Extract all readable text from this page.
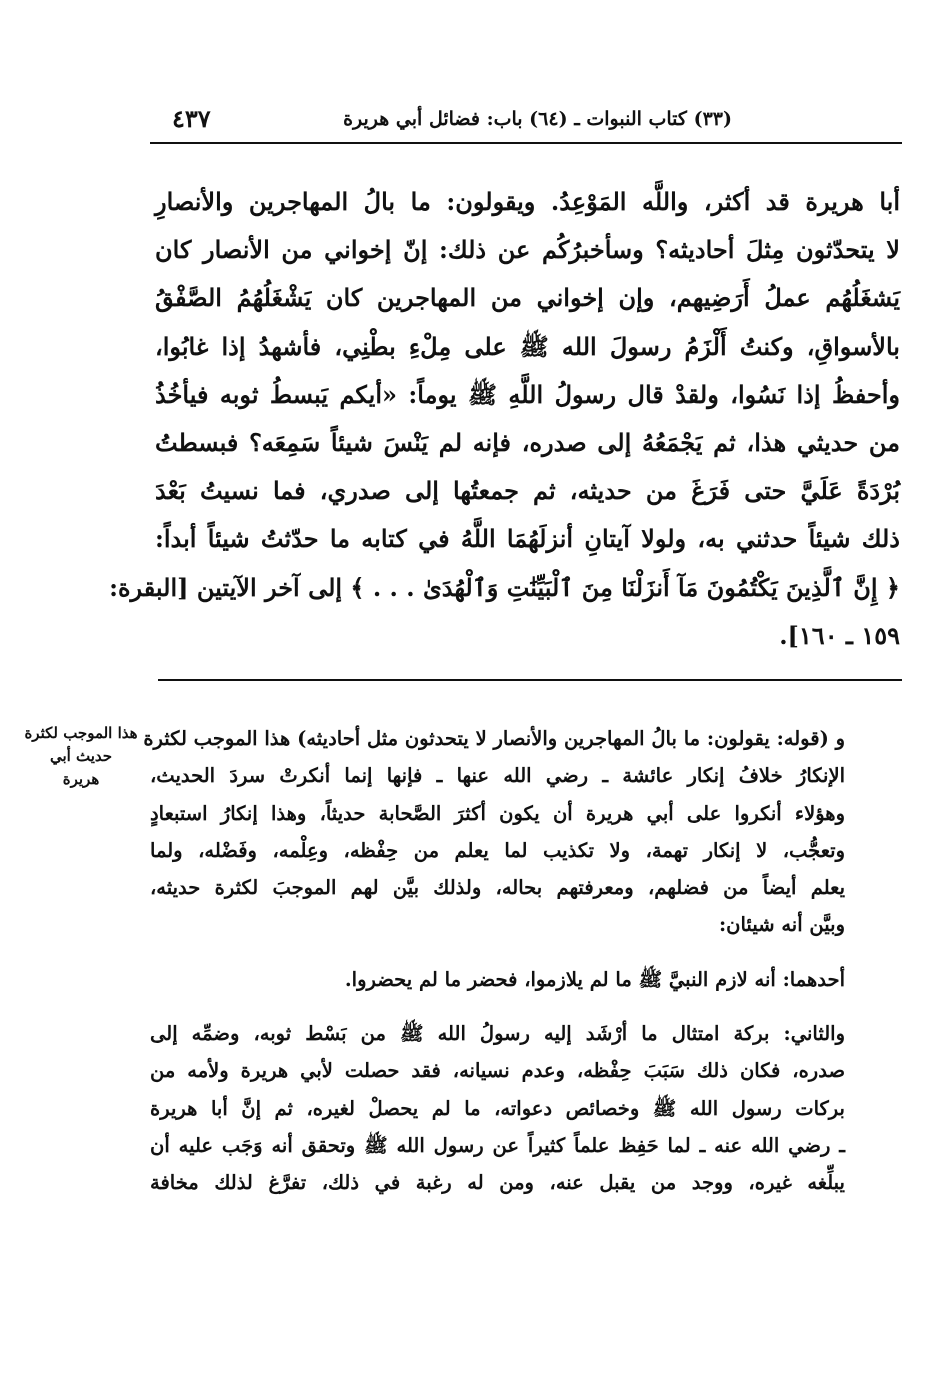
(٣٣) كتاب النبوات ـ (٦٤) باب: فضائل أبي هريرة
٤٣٧
أبا هريرة قد أكثر، واللَّه المَوْعِدُ. ويقولون: ما بالُ المهاجرين والأنصارِ
لا يتحدّثون مِثلَ أحاديثه؟ وسأخبرُكُم عن ذلك: إنّ إخواني من الأنصار كان
يَشغَلُهُم عملُ أَرَضِيهم، وإن إخواني من المهاجرين كان يَشْغَلُهُمُ الصَّفْقُ
بالأسواقِ، وكنتُ أَلْزَمُ رسولَ الله ﷺ على مِلْءِ بطْنِي، فأشهدُ إذا غابُوا،
وأحفظُ إذا نَسُوا، ولقدْ قال رسولُ اللَّهِ ﷺ يوماً: «أيكم يَبسطُ ثوبه فيأخُذُ
من حديثي هذا، ثم يَجْمَعُهُ إلى صدره، فإنه لم يَنْسَ شيئاً سَمِعَه؟ فبسطتُ
بُرْدَةً عَلَيَّ حتى فَرَغَ من حديثه، ثم جمعتُها إلى صدري، فما نسيتُ بَعْدَ
ذلك شيئاً حدثني به، ولولا آيتانِ أنزلَهُمَا اللَّهُ في كتابه ما حدّثتُ شيئاً أبداً:
﴿ إِنَّ ٱلَّذِينَ يَكْتُمُونَ مَآ أَنزَلْنَا مِنَ ٱلْبَيِّنَٰتِ وَٱلْهُدَىٰ . . . ﴾ إلى آخر الآيتين [البقرة:
١٥٩ ـ ١٦٠].
هذا الموجب لكثرة
حديث أبي
هريرة
و (قوله: يقولون: ما بالُ المهاجرين والأنصار لا يتحدثون مثل أحاديثه) هذا الموجب لكثرة
الإنكارُ خلافُ إنكار عائشة ـ رضي الله عنها ـ فإنها إنما أنكرتْ سردَ الحديث،
وهؤلاء أنكروا على أبي هريرة أن يكون أكثرَ الصَّحابة حديثاً، وهذا إنكارُ استبعادٍ
وتعجُّب، لا إنكار تهمة، ولا تكذيب لما يعلم من حِفْظه، وعِلْمه، وفَضْله، ولما
يعلم أيضاً من فضلهم، ومعرفتهم بحاله، ولذلك بيَّن لهم الموجبَ لكثرة حديثه،
وبيَّن أنه شيئان:
أحدهما: أنه لازم النبيَّ ﷺ ما لم يلازموا، فحضر ما لم يحضروا.
والثاني: بركة امتثال ما أرْشَد إليه رسولُ الله ﷺ من بَسْط ثوبه، وضمِّه إلى
صدره، فكان ذلك سَبَبَ حِفْظه، وعدم نسيانه، فقد حصلت لأبي هريرة ولأمه من
بركات رسول الله ﷺ وخصائص دعواته، ما لم يحصلْ لغيره، ثم إنَّ أبا هريرة
ـ رضي الله عنه ـ لما حَفِظ علماً كثيراً عن رسول الله ﷺ وتحقق أنه وَجَب عليه أن
يبلِّغه غيره، ووجد من يقبل عنه، ومن له رغبة في ذلك، تفرَّغ لذلك مخافة
